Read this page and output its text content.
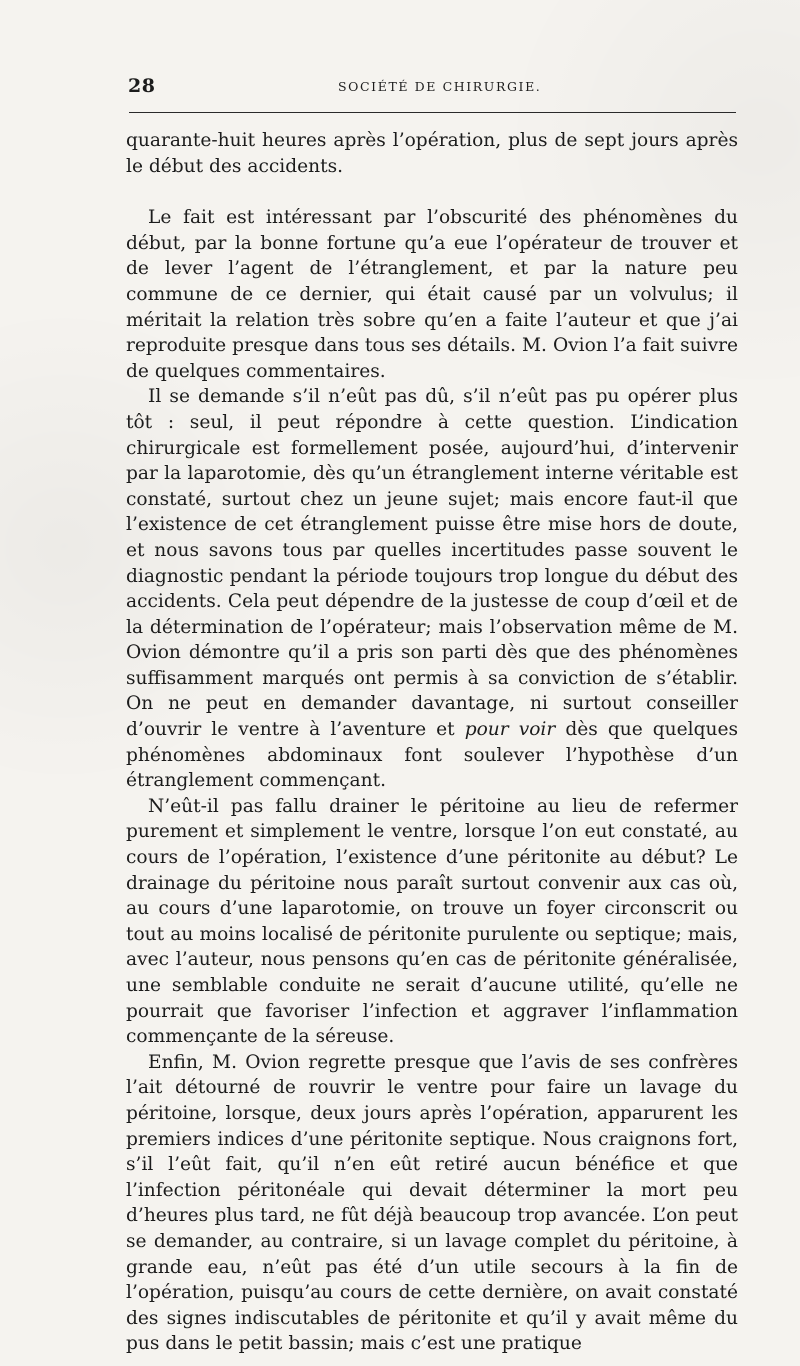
28	SOCIÉTÉ DE CHIRURGIE.

quarante-huit heures après l’opération, plus de sept jours après le début des accidents.

Le fait est intéressant par l’obscurité des phénomènes du début, par la bonne fortune qu’a eue l’opérateur de trouver et de lever l’agent de l’étranglement, et par la nature peu commune de ce dernier, qui était causé par un volvulus; il méritait la relation très sobre qu’en a faite l’auteur et que j’ai reproduite presque dans tous ses détails. M. Ovion l’a fait suivre de quelques commentaires.

Il se demande s’il n’eût pas dû, s’il n’eût pas pu opérer plus tôt : seul, il peut répondre à cette question. L’indication chirurgicale est formellement posée, aujourd’hui, d’intervenir par la laparotomie, dès qu’un étranglement interne véritable est constaté, surtout chez un jeune sujet; mais encore faut-il que l’existence de cet étranglement puisse être mise hors de doute, et nous savons tous par quelles incertitudes passe souvent le diagnostic pendant la période toujours trop longue du début des accidents. Cela peut dépendre de la justesse de coup d’œil et de la détermination de l’opérateur; mais l’observation même de M. Ovion démontre qu’il a pris son parti dès que des phénomènes suffisamment marqués ont permis à sa conviction de s’établir. On ne peut en demander davantage, ni surtout conseiller d’ouvrir le ventre à l’aventure et pour voir dès que quelques phénomènes abdominaux font soulever l’hypothèse d’un étranglement commençant.

N’eût-il pas fallu drainer le péritoine au lieu de refermer purement et simplement le ventre, lorsque l’on eut constaté, au cours de l’opération, l’existence d’une péritonite au début? Le drainage du péritoine nous paraît surtout convenir aux cas où, au cours d’une laparotomie, on trouve un foyer circonscrit ou tout au moins localisé de péritonite purulente ou septique; mais, avec l’auteur, nous pensons qu’en cas de péritonite généralisée, une semblable conduite ne serait d’aucune utilité, qu’elle ne pourrait que favoriser l’infection et aggraver l’inflammation commençante de la séreuse.

Enfin, M. Ovion regrette presque que l’avis de ses confrères l’ait détourné de rouvrir le ventre pour faire un lavage du péritoine, lorsque, deux jours après l’opération, apparurent les premiers indices d’une péritonite septique. Nous craignons fort, s’il l’eût fait, qu’il n’en eût retiré aucun bénéfice et que l’infection péritonéale qui devait déterminer la mort peu d’heures plus tard, ne fût déjà beaucoup trop avancée. L’on peut se demander, au contraire, si un lavage complet du péritoine, à grande eau, n’eût pas été d’un utile secours à la fin de l’opération, puisqu’au cours de cette dernière, on avait constaté des signes indiscutables de péritonite et qu’il y avait même du pus dans le petit bassin; mais c’est une pratique
